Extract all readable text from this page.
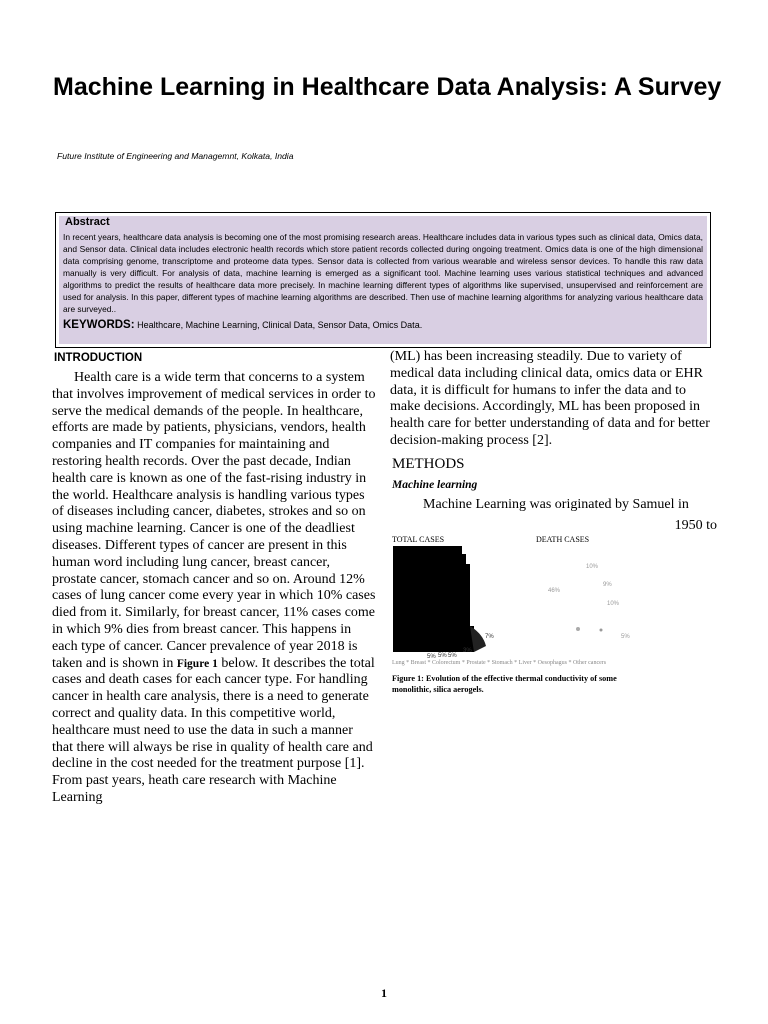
Machine Learning in Healthcare Data Analysis: A Survey
Future Institute of Engineering and Managemnt, Kolkata, India
Abstract

In recent years, healthcare data analysis is becoming one of the most promising research areas. Healthcare includes data in various types such as clinical data, Omics data, and Sensor data. Clinical data includes electronic health records which store patient records collected during ongoing treatment. Omics data is one of the high dimensional data comprising genome, transcriptome and proteome data types. Sensor data is collected from various wearable and wireless sensor devices. To handle this raw data manually is very difficult. For analysis of data, machine learning is emerged as a significant tool. Machine learning uses various statistical techniques and advanced algorithms to predict the results of healthcare data more precisely. In machine learning different types of algorithms like supervised, unsupervised and reinforcement are used for analysis. In this paper, different types of machine learning algorithms are described. Then use of machine learning algorithms for analyzing various healthcare data are surveyed..

KEYWORDS: Healthcare, Machine Learning, Clinical Data, Sensor Data, Omics Data.
INTRODUCTION

Health care is a wide term that concerns to a system that involves improvement of medical services in order to serve the medical demands of the people. In healthcare, efforts are made by patients, physicians, vendors, health companies and IT companies for maintaining and restoring health records. Over the past decade, Indian health care is known as one of the fast-rising industry in the world. Healthcare analysis is handling various types of diseases including cancer, diabetes, strokes and so on using machine learning. Cancer is one of the deadliest diseases. Different types of cancer are present in this human word including lung cancer, breast cancer, prostate cancer, stomach cancer and so on. Around 12% cases of lung cancer come every year in which 10% cases died from it. Similarly, for breast cancer, 11% cases come in which 9% dies from breast cancer. This happens in each type of cancer. Cancer prevalence of year 2018 is taken and is shown in Figure 1 below. It describes the total cases and death cases for each cancer type. For handling cancer in health care analysis, there is a need to generate correct and quality data. In this competitive world, healthcare must need to use the data in such a manner that there will always be rise in quality of health care and decline in the cost needed for the treatment purpose [1]. From past years, heath care research with Machine Learning

(ML) has been increasing steadily. Due to variety of medical data including clinical data, omics data or EHR data, it is difficult for humans to infer the data and to make decisions. Accordingly, ML has been proposed in health care for better understanding of data and for better decision-making process [2].

METHODS
Machine learning

Machine Learning was originated by Samuel in

1950 to

TOTAL CASES	DEATH CASES
7%
5% 5% 5%
3%
10%
9%
46%
10%
5%
Lung * Breast * Colorectum * Prostate * Stomach * Liver * Oesophagus * Other cancers
Figure 1: Evolution of the effective thermal conductivity of some monolithic, silica aerogels.
1
